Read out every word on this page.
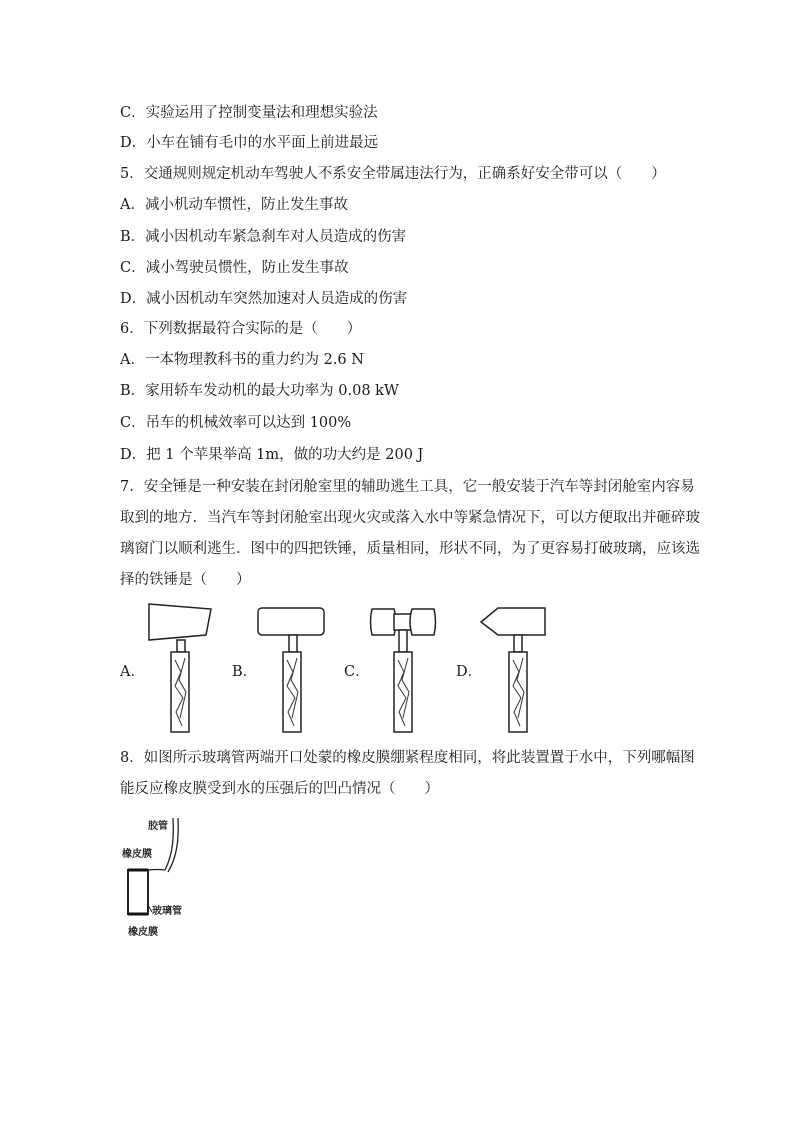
C．实验运用了控制变量法和理想实验法
D．小车在铺有毛巾的水平面上前进最远
5．交通规则规定机动车驾驶人不系安全带属违法行为，正确系好安全带可以（　　）
A．减小机动车惯性，防止发生事故
B．减小因机动车紧急刹车对人员造成的伤害
C．减小驾驶员惯性，防止发生事故
D．减小因机动车突然加速对人员造成的伤害
6．下列数据最符合实际的是（　　）
A．一本物理教科书的重力约为 2.6 N
B．家用轿车发动机的最大功率为 0.08 kW
C．吊车的机械效率可以达到 100%
D．把 1 个苹果举高 1m，做的功大约是 200 J
7．安全锤是一种安装在封闭舱室里的辅助逃生工具，它一般安装于汽车等封闭舱室内容易
取到的地方．当汽车等封闭舱室出现火灾或落入水中等紧急情况下，可以方便取出并砸碎玻
璃窗门以顺利逃生．图中的四把铁锤，质量相同，形状不同，为了更容易打破玻璃，应该选
择的铁锤是（　　）
8．如图所示玻璃管两端开口处蒙的橡皮膜绷紧程度相同，将此装置置于水中，下列哪幅图
能反应橡皮膜受到水的压强后的凹凸情况（　　）
A．	B．	C．	D．
胶管
橡皮膜
玻璃管
橡皮膜
